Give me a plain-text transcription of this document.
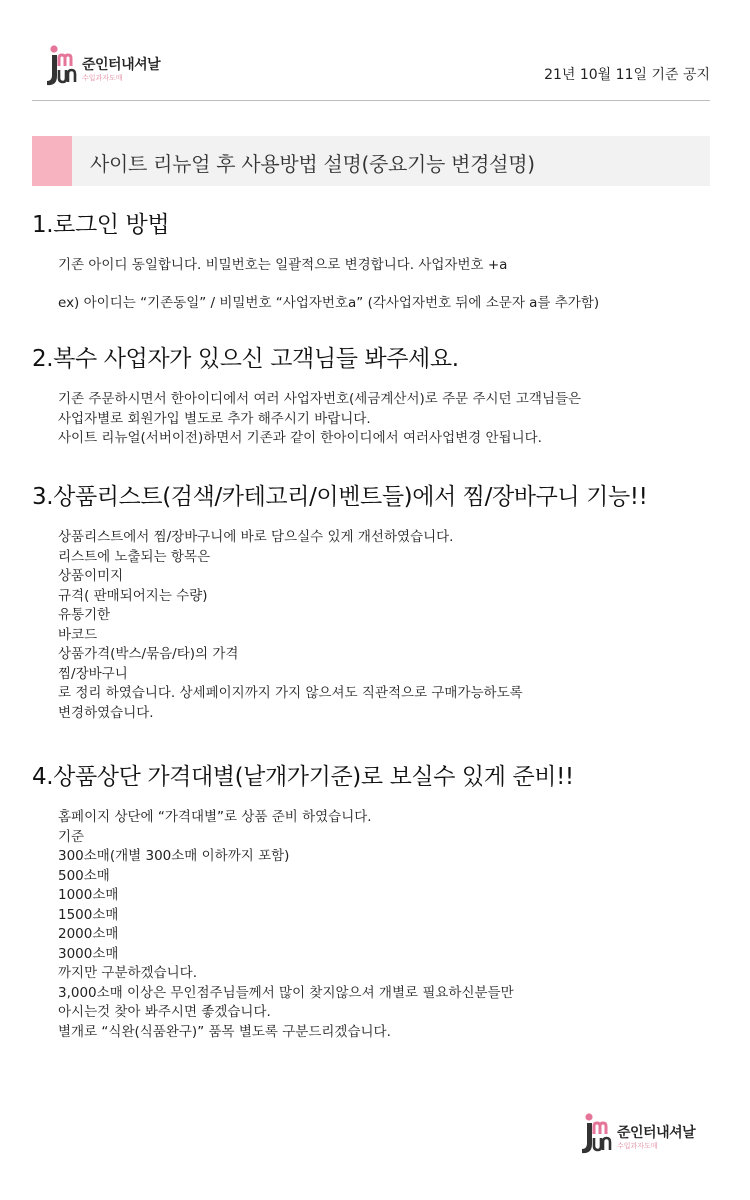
준인터내셔날
수입과자도매	21년 10월 11일 기준 공지
사이트 리뉴얼 후 사용방법 설명(중요기능 변경설명)
1.로그인 방법
기존 아이디 동일합니다. 비밀번호는 일괄적으로 변경합니다. 사업자번호 +a
ex) 아이디는 “기존동일” / 비밀번호 “사업자번호a” (각사업자번호 뒤에 소문자 a를 추가함)
2.복수 사업자가 있으신 고객님들 봐주세요.
기존 주문하시면서 한아이디에서 여러 사업자번호(세금계산서)로 주문 주시던 고객님들은
사업자별로 회원가입 별도로 추가 해주시기 바랍니다.
사이트 리뉴얼(서버이전)하면서 기존과 같이 한아이디에서 여러사업변경 안됩니다.
3.상품리스트(검색/카테고리/이벤트들)에서 찜/장바구니 기능!!
상품리스트에서 찜/장바구니에 바로 담으실수 있게 개선하였습니다.
리스트에 노출되는 항목은
상품이미지
규격( 판매되어지는 수량)
유통기한
바코드
상품가격(박스/묶음/타)의 가격
찜/장바구니
로 정리 하였습니다. 상세페이지까지 가지 않으셔도 직관적으로 구매가능하도록
변경하였습니다.
4.상품상단 가격대별(낱개가기준)로 보실수 있게 준비!!
홈페이지 상단에 “가격대별”로 상품 준비 하였습니다.
기준
300소매(개별 300소매 이하까지 포함)
500소매
1000소매
1500소매
2000소매
3000소매
까지만 구분하겠습니다.
3,000소매 이상은 무인점주님들께서 많이 찾지않으셔 개별로 필요하신분들만
아시는것 찾아 봐주시면 좋겠습니다.
별개로 “식완(식품완구)” 품목 별도록 구분드리겠습니다.
준인터내셔날
수입과자도매
